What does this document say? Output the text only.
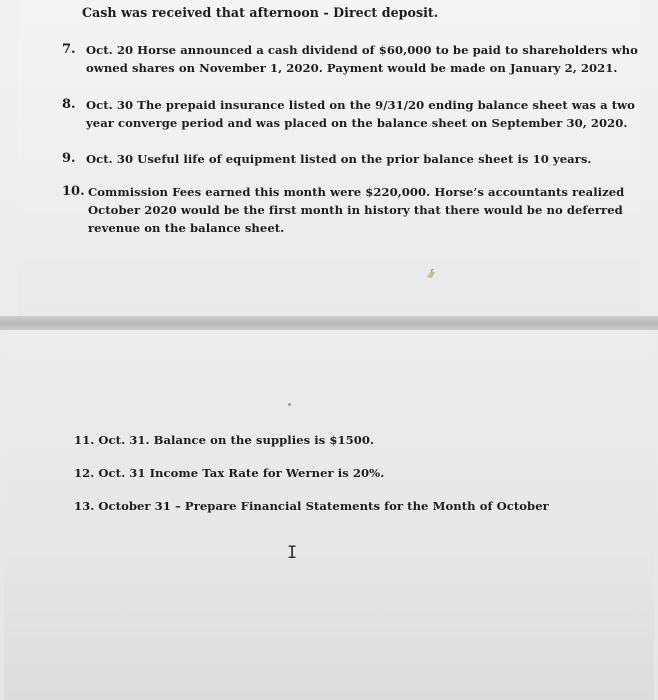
Cash was received that afternoon - Direct deposit.
7. Oct. 20 Horse announced a cash dividend of $60,000 to be paid to shareholders who
owned shares on November 1, 2020. Payment would be made on January 2, 2021.
8. Oct. 30 The prepaid insurance listed on the 9/31/20 ending balance sheet was a two
year converge period and was placed on the balance sheet on September 30, 2020.
9. Oct. 30 Useful life of equipment listed on the prior balance sheet is 10 years.
10. Commission Fees earned this month were $220,000. Horse’s accountants realized
October 2020 would be the first month in history that there would be no deferred
revenue on the balance sheet.
11. Oct. 31. Balance on the supplies is $1500.
12. Oct. 31 Income Tax Rate for Werner is 20%.
13. October 31 – Prepare Financial Statements for the Month of October
I
